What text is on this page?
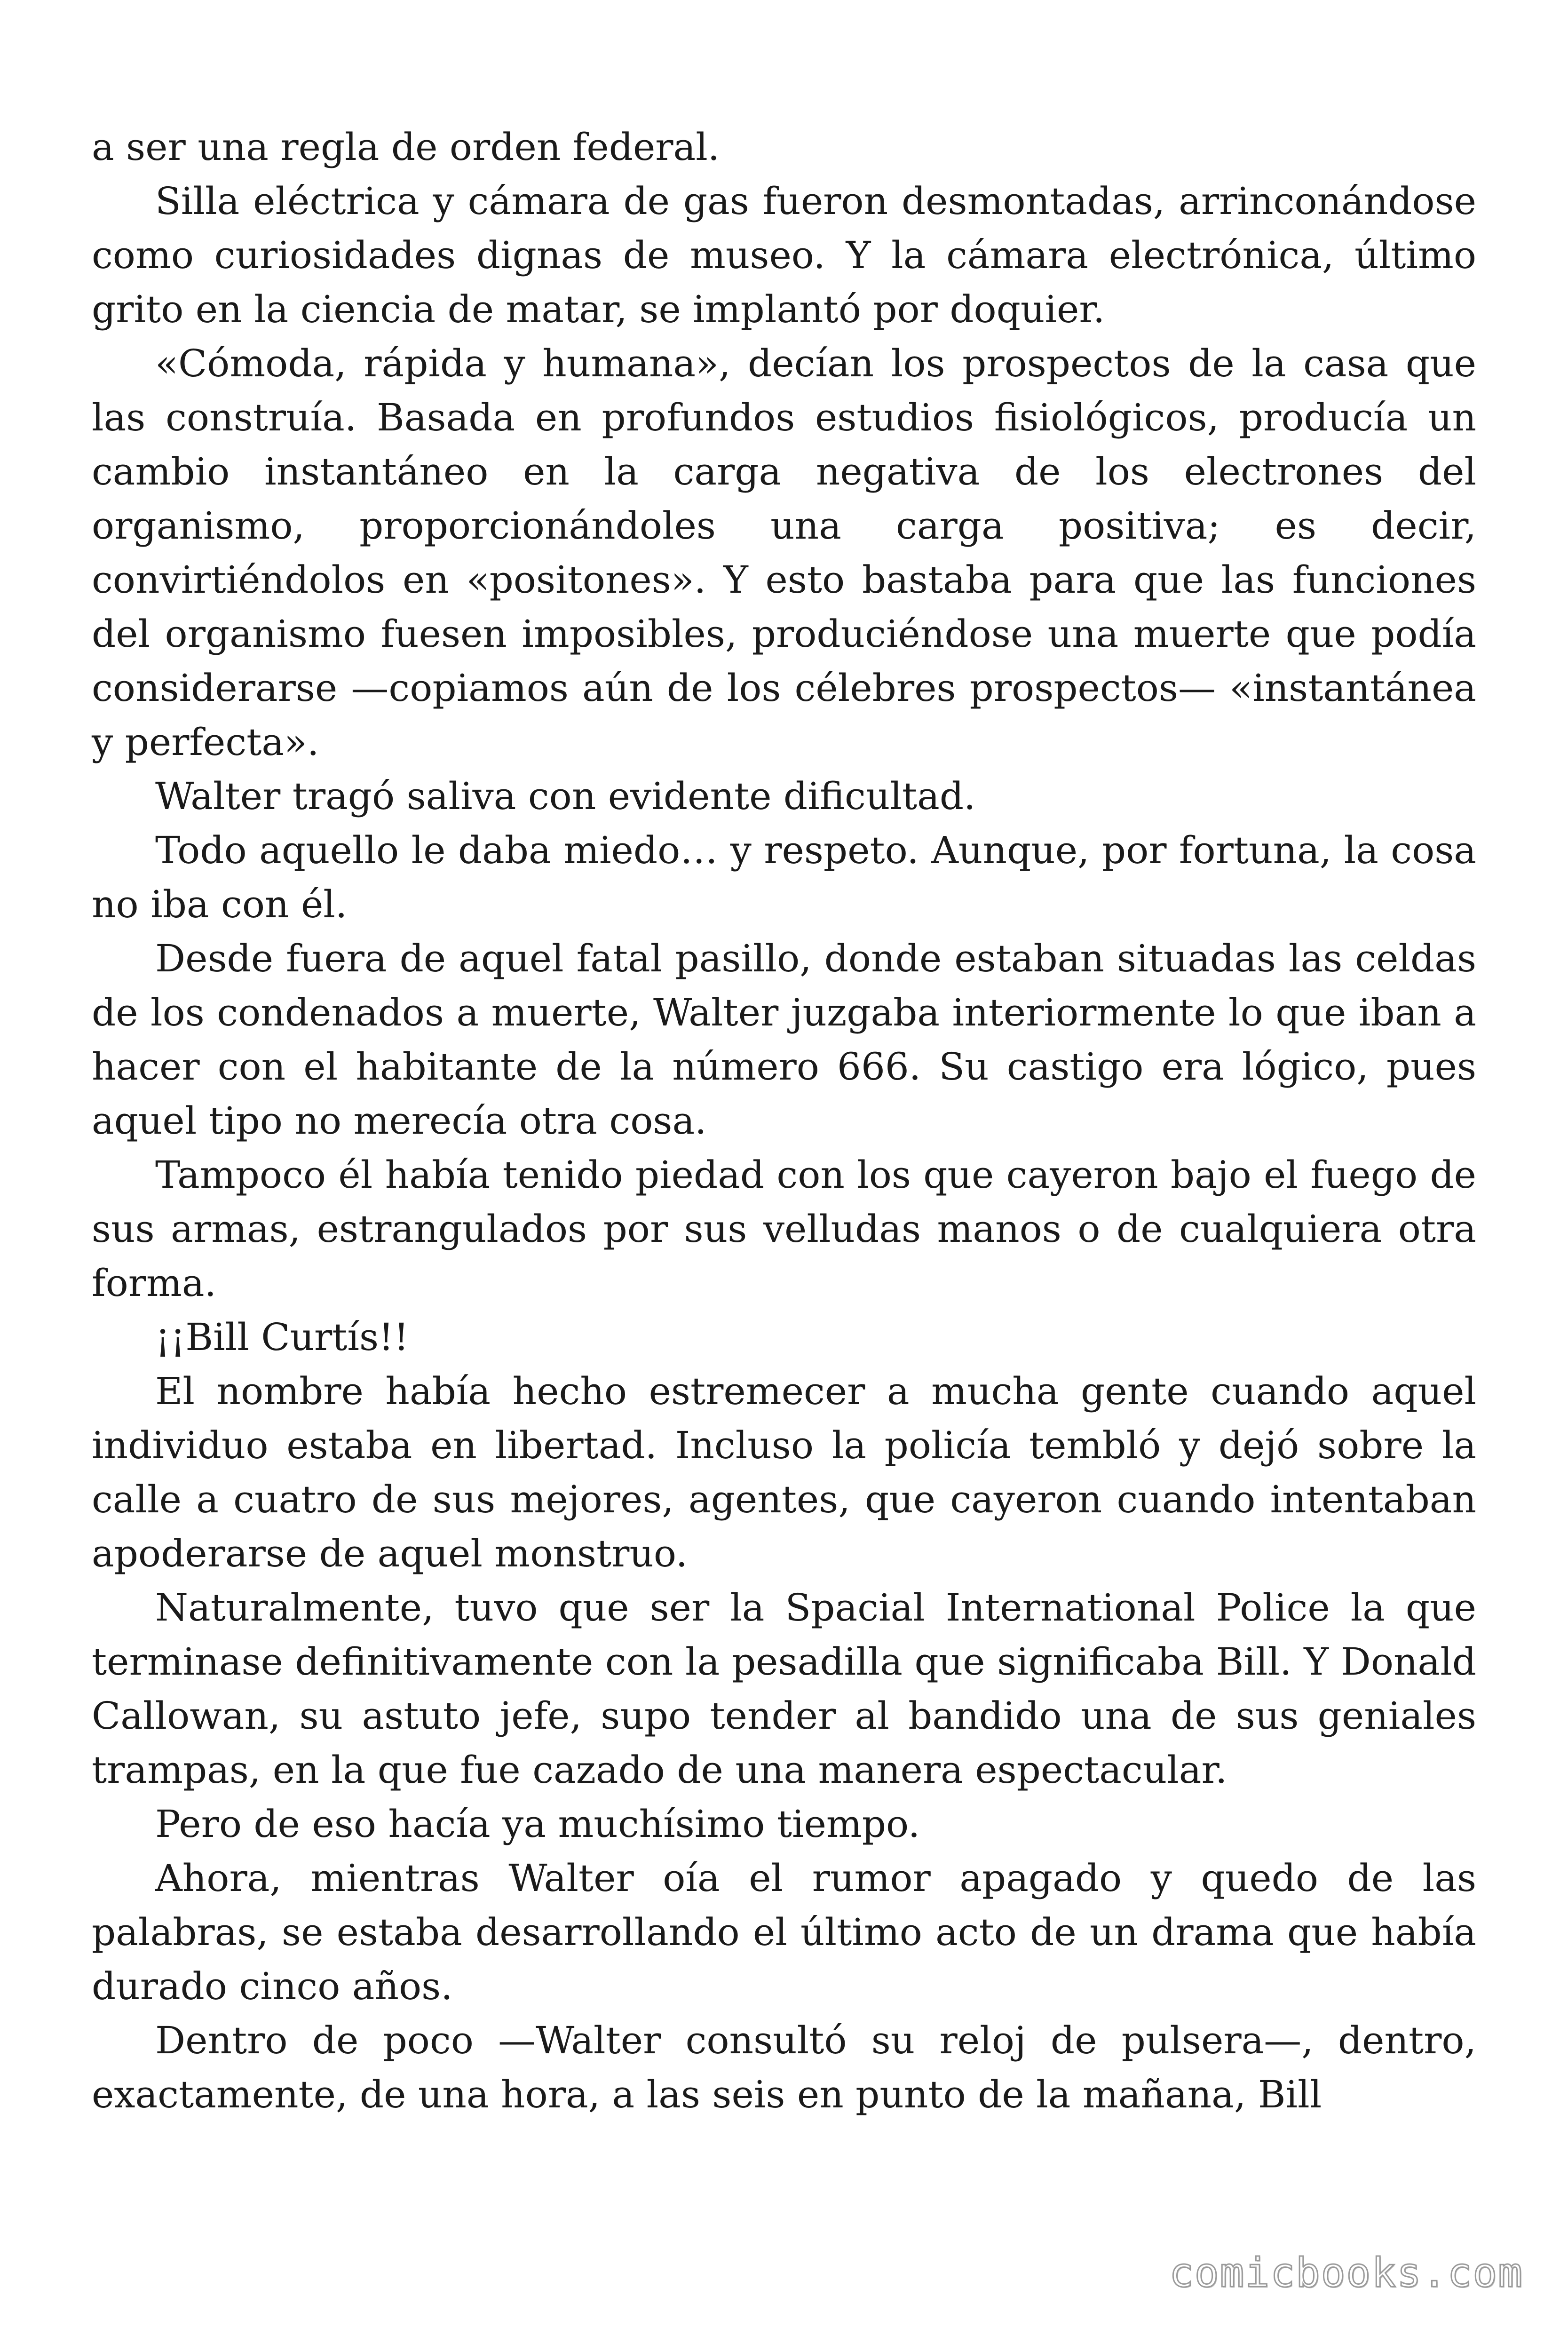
a ser una regla de orden federal.

Silla eléctrica y cámara de gas fueron desmontadas, arrinconándose como curiosidades dignas de museo. Y la cámara electrónica, último grito en la ciencia de matar, se implantó por doquier.

«Cómoda, rápida y humana», decían los prospectos de la casa que las construía. Basada en profundos estudios fisiológicos, producía un cambio instantáneo en la carga negativa de los electrones del organismo, proporcionándoles una carga positiva; es decir, convirtiéndolos en «positones». Y esto bastaba para que las funciones del organismo fuesen imposibles, produciéndose una muerte que podía considerarse —copiamos aún de los célebres prospectos— «instantánea y perfecta».

Walter tragó saliva con evidente dificultad.

Todo aquello le daba miedo… y respeto. Aunque, por fortuna, la cosa no iba con él.

Desde fuera de aquel fatal pasillo, donde estaban situadas las celdas de los condenados a muerte, Walter juzgaba interiormente lo que iban a hacer con el habitante de la número 666. Su castigo era lógico, pues aquel tipo no merecía otra cosa.

Tampoco él había tenido piedad con los que cayeron bajo el fuego de sus armas, estrangulados por sus velludas manos o de cualquiera otra forma.

¡¡Bill Curtís!!

El nombre había hecho estremecer a mucha gente cuando aquel individuo estaba en libertad. Incluso la policía tembló y dejó sobre la calle a cuatro de sus mejores, agentes, que cayeron cuando intentaban apoderarse de aquel monstruo.

Naturalmente, tuvo que ser la Spacial International Police la que terminase definitivamente con la pesadilla que significaba Bill. Y Donald Callowan, su astuto jefe, supo tender al bandido una de sus geniales trampas, en la que fue cazado de una manera espectacular.

Pero de eso hacía ya muchísimo tiempo.

Ahora, mientras Walter oía el rumor apagado y quedo de las palabras, se estaba desarrollando el último acto de un drama que había durado cinco años.

Dentro de poco —Walter consultó su reloj de pulsera—, dentro, exactamente, de una hora, a las seis en punto de la mañana, Bill

comicbooks.com
